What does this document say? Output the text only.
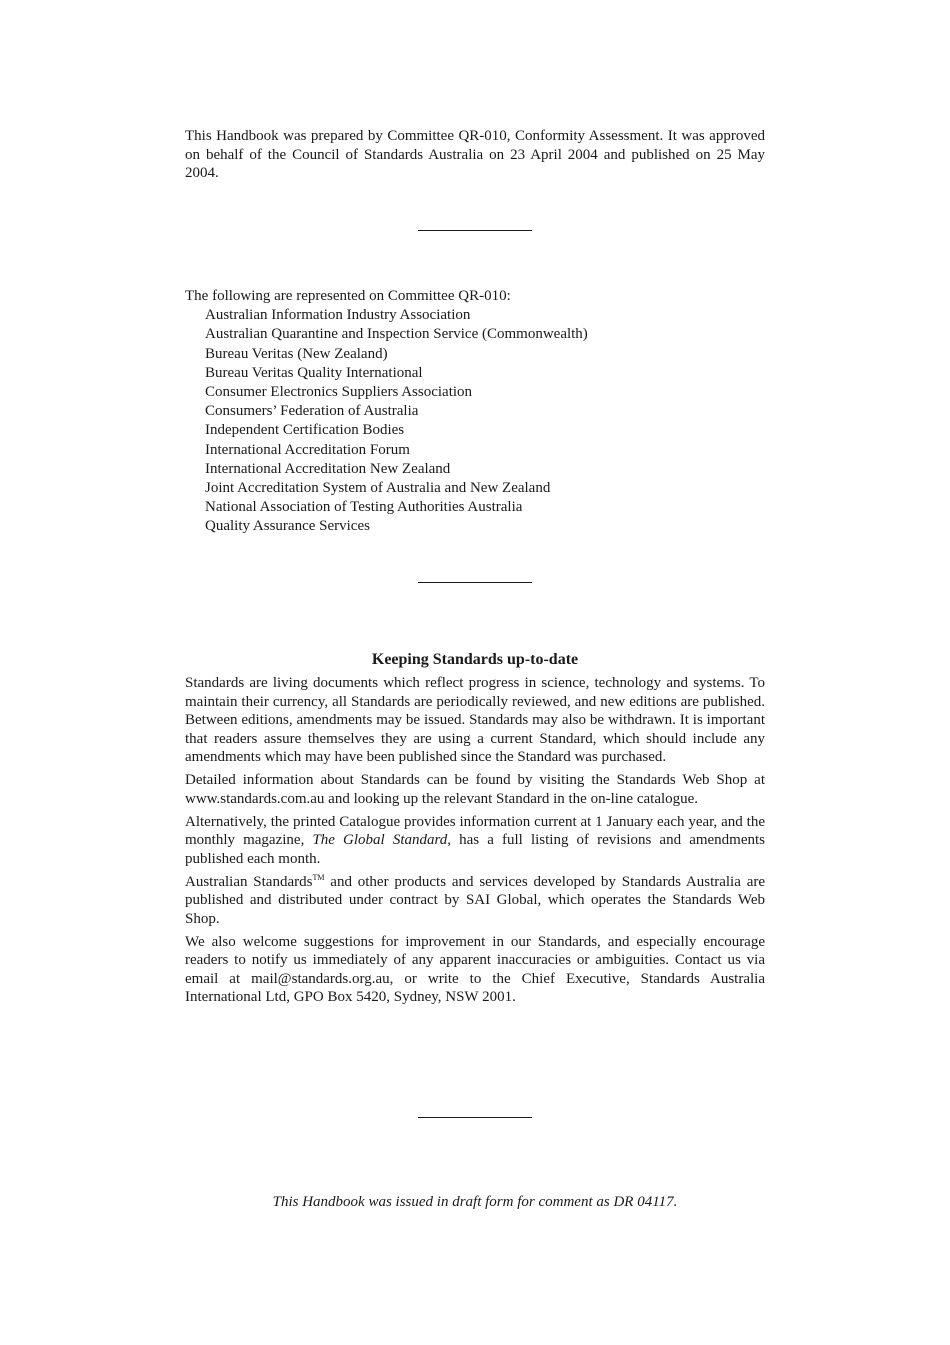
This Handbook was prepared by Committee QR-010, Conformity Assessment. It was approved on behalf of the Council of Standards Australia on 23 April 2004 and published on 25 May 2004.
The following are represented on Committee QR-010:
Australian Information Industry Association
Australian Quarantine and Inspection Service (Commonwealth)
Bureau Veritas (New Zealand)
Bureau Veritas Quality International
Consumer Electronics Suppliers Association
Consumers’ Federation of Australia
Independent Certification Bodies
International Accreditation Forum
International Accreditation New Zealand
Joint Accreditation System of Australia and New Zealand
National Association of Testing Authorities Australia
Quality Assurance Services
Keeping Standards up-to-date

Standards are living documents which reflect progress in science, technology and systems. To maintain their currency, all Standards are periodically reviewed, and new editions are published. Between editions, amendments may be issued. Standards may also be withdrawn. It is important that readers assure themselves they are using a current Standard, which should include any amendments which may have been published since the Standard was purchased.

Detailed information about Standards can be found by visiting the Standards Web Shop at www.standards.com.au and looking up the relevant Standard in the on-line catalogue.

Alternatively, the printed Catalogue provides information current at 1 January each year, and the monthly magazine, The Global Standard, has a full listing of revisions and amendments published each month.

Australian Standards™ and other products and services developed by Standards Australia are published and distributed under contract by SAI Global, which operates the Standards Web Shop.

We also welcome suggestions for improvement in our Standards, and especially encourage readers to notify us immediately of any apparent inaccuracies or ambiguities. Contact us via email at mail@standards.org.au, or write to the Chief Executive, Standards Australia International Ltd, GPO Box 5420, Sydney, NSW 2001.

This Handbook was issued in draft form for comment as DR 04117.
